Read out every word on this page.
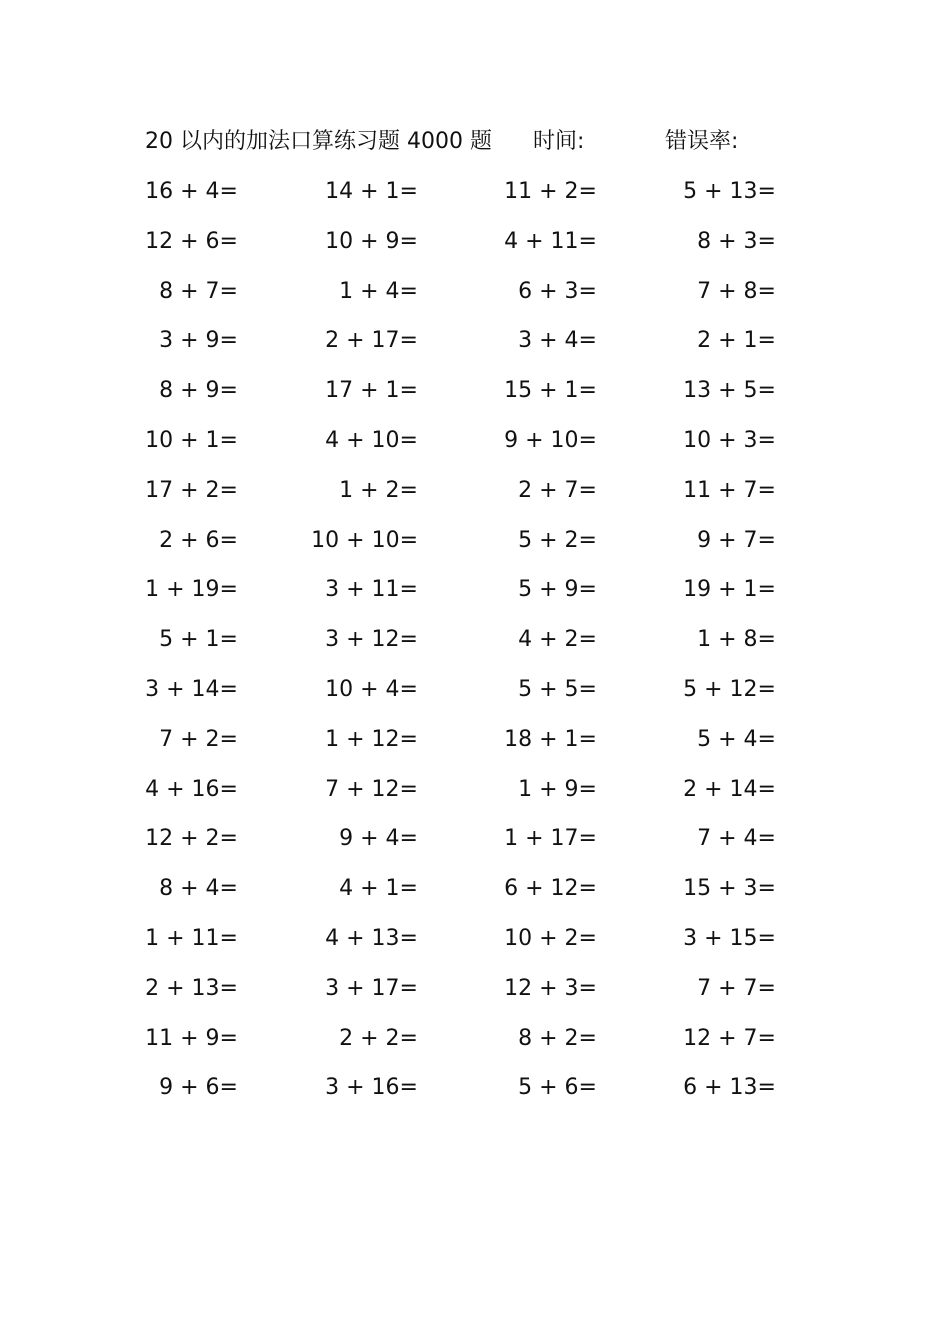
20 以内的加法口算练习题 4000 题 时间:	错误率:
16 + 4=	14 + 1=	11 + 2=	5 + 13=
12 + 6=	10 + 9=	4 + 11=	8 + 3=
8 + 7=	1 + 4=	6 + 3=	7 + 8=
3 + 9=	2 + 17=	3 + 4=	2 + 1=
8 + 9=	17 + 1=	15 + 1=	13 + 5=
10 + 1=	4 + 10=	9 + 10=	10 + 3=
17 + 2=	1 + 2=	2 + 7=	11 + 7=
2 + 6=	10 + 10=	5 + 2=	9 + 7=
1 + 19=	3 + 11=	5 + 9=	19 + 1=
5 + 1=	3 + 12=	4 + 2=	1 + 8=
3 + 14=	10 + 4=	5 + 5=	5 + 12=
7 + 2=	1 + 12=	18 + 1=	5 + 4=
4 + 16=	7 + 12=	1 + 9=	2 + 14=
12 + 2=	9 + 4=	1 + 17=	7 + 4=
8 + 4=	4 + 1=	6 + 12=	15 + 3=
1 + 11=	4 + 13=	10 + 2=	3 + 15=
2 + 13=	3 + 17=	12 + 3=	7 + 7=
11 + 9=	2 + 2=	8 + 2=	12 + 7=
9 + 6=	3 + 16=	5 + 6=	6 + 13=
